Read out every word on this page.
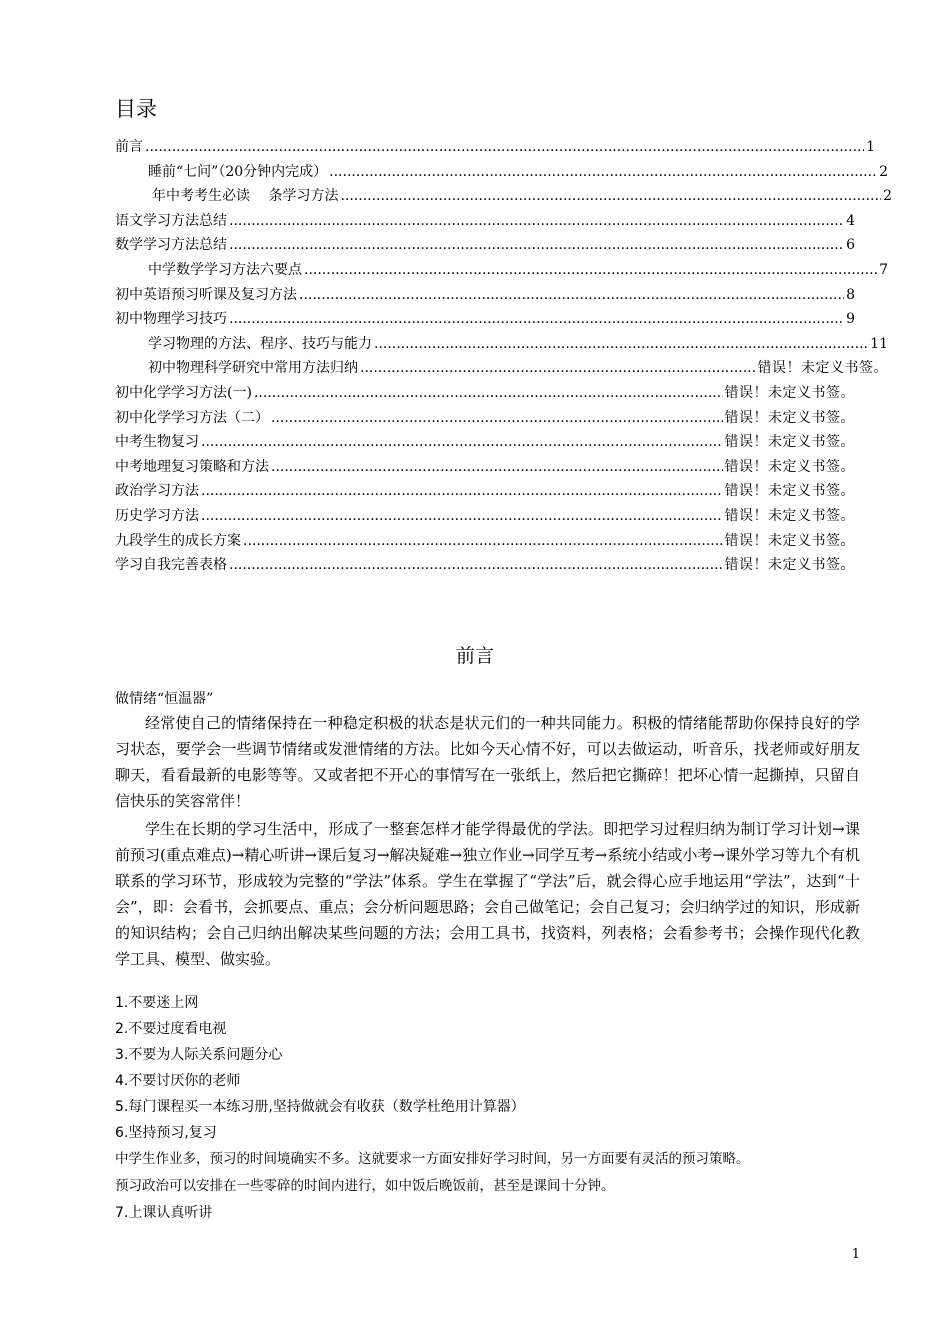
目录
前言 .....	1
睡前“七问”（20分钟内完成） .....	2
年中考考生必读　 条学习方法 .....	2
语文学习方法总结 .....	4
数学学习方法总结 .....	6
中学数学学习方法六要点 .....	7
初中英语预习听课及复习方法 .....	8
初中物理学习技巧 .....	9
学习物理的方法、程序、技巧与能力 .....	11
初中物理科学研究中常用方法归纳 .....	错误！未定义书签。
初中化学学习方法(一) .....	错误！未定义书签。
初中化学学习方法（二） .....	错误！未定义书签。
中考生物复习 .....	错误！未定义书签。
中考地理复习策略和方法 .....	错误！未定义书签。
政治学习方法 .....	错误！未定义书签。
历史学习方法 .....	错误！未定义书签。
九段学生的成长方案 .....	错误！未定义书签。
学习自我完善表格 .....	错误！未定义书签。
前言
做情绪“恒温器”

经常使自己的情绪保持在一种稳定积极的状态是状元们的一种共同能力。积极的情绪能帮助你保持良好的学习状态，要学会一些调节情绪或发泄情绪的方法。比如今天心情不好，可以去做运动，听音乐，找老师或好朋友聊天，看看最新的电影等等。又或者把不开心的事情写在一张纸上，然后把它撕碎！把坏心情一起撕掉，只留自信快乐的笑容常伴！

学生在长期的学习生活中，形成了一整套怎样才能学得最优的学法。即把学习过程归纳为制订学习计划→课前预习(重点难点)→精心听讲→课后复习→解决疑难→独立作业→同学互考→系统小结或小考→课外学习等九个有机联系的学习环节，形成较为完整的“学法”体系。学生在掌握了“学法”后，就会得心应手地运用“学法”，达到“十会”，即：会看书，会抓要点、重点；会分析问题思路；会自己做笔记；会自己复习；会归纳学过的知识，形成新的知识结构；会自己归纳出解决某些问题的方法；会用工具书，找资料，列表格；会看参考书；会操作现代化教学工具、模型、做实验。

1.不要迷上网
2.不要过度看电视
3.不要为人际关系问题分心
4.不要讨厌你的老师
5.每门课程买一本练习册,坚持做就会有收获（数学杜绝用计算器）
6.坚持预习,复习
中学生作业多，预习的时间境确实不多。这就要求一方面安排好学习时间，另一方面要有灵活的预习策略。
预习政治可以安排在一些零碎的时间内进行，如中饭后晚饭前，甚至是课间十分钟。
7.上课认真听讲
1
